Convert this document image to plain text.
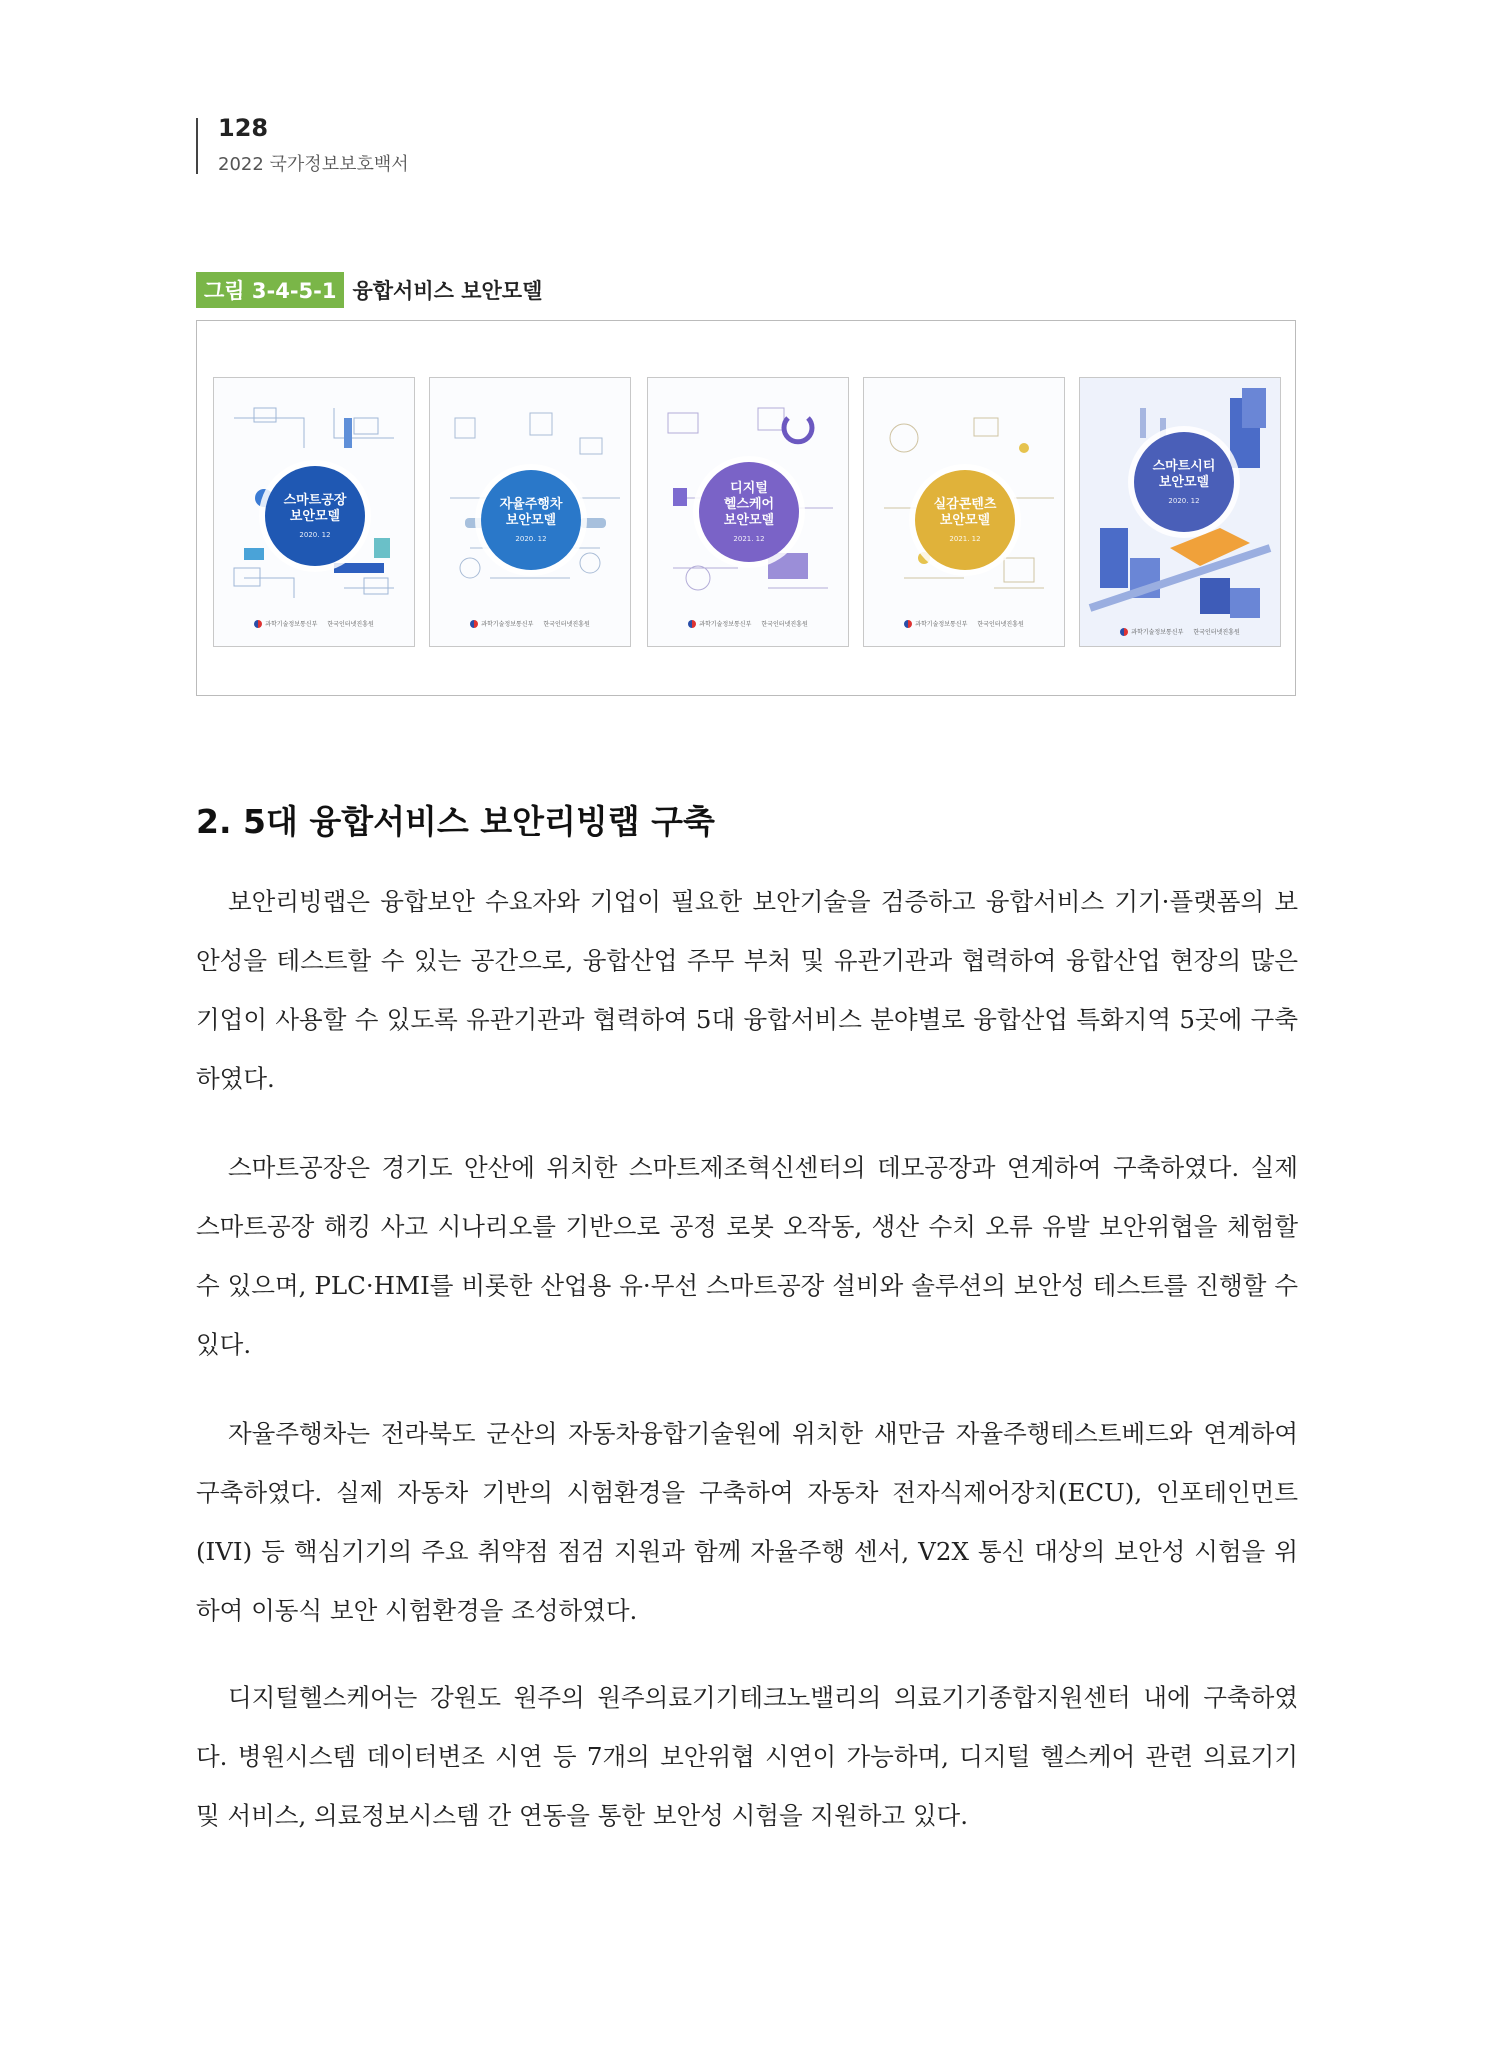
128
2022 국가정보보호백서
그림 3-4-5-1 융합서비스 보안모델
스마트공장
보안모델
2020. 12
과학기술정보통신부 한국인터넷진흥원
자율주행차
보안모델
2020. 12
과학기술정보통신부 한국인터넷진흥원
디지털
헬스케어
보안모델
2021. 12
과학기술정보통신부 한국인터넷진흥원
실감콘텐츠
보안모델
2021. 12
과학기술정보통신부 한국인터넷진흥원
스마트시티
보안모델
2020. 12
과학기술정보통신부 한국인터넷진흥원
2. 5대 융합서비스 보안리빙랩 구축

보안리빙랩은 융합보안 수요자와 기업이 필요한 보안기술을 검증하고 융합서비스 기기·플랫폼의 보안성을 테스트할 수 있는 공간으로, 융합산업 주무 부처 및 유관기관과 협력하여 융합산업 현장의 많은 기업이 사용할 수 있도록 유관기관과 협력하여 5대 융합서비스 분야별로 융합산업 특화지역 5곳에 구축하였다.

스마트공장은 경기도 안산에 위치한 스마트제조혁신센터의 데모공장과 연계하여 구축하였다. 실제 스마트공장 해킹 사고 시나리오를 기반으로 공정 로봇 오작동, 생산 수치 오류 유발 보안위협을 체험할 수 있으며, PLC·HMI를 비롯한 산업용 유·무선 스마트공장 설비와 솔루션의 보안성 테스트를 진행할 수 있다.

자율주행차는 전라북도 군산의 자동차융합기술원에 위치한 새만금 자율주행테스트베드와 연계하여 구축하였다. 실제 자동차 기반의 시험환경을 구축하여 자동차 전자식제어장치(ECU), 인포테인먼트(IVI) 등 핵심기기의 주요 취약점 점검 지원과 함께 자율주행 센서, V2X 통신 대상의 보안성 시험을 위하여 이동식 보안 시험환경을 조성하였다.

디지털헬스케어는 강원도 원주의 원주의료기기테크노밸리의 의료기기종합지원센터 내에 구축하였다. 병원시스템 데이터변조 시연 등 7개의 보안위협 시연이 가능하며, 디지털 헬스케어 관련 의료기기 및 서비스, 의료정보시스템 간 연동을 통한 보안성 시험을 지원하고 있다.
